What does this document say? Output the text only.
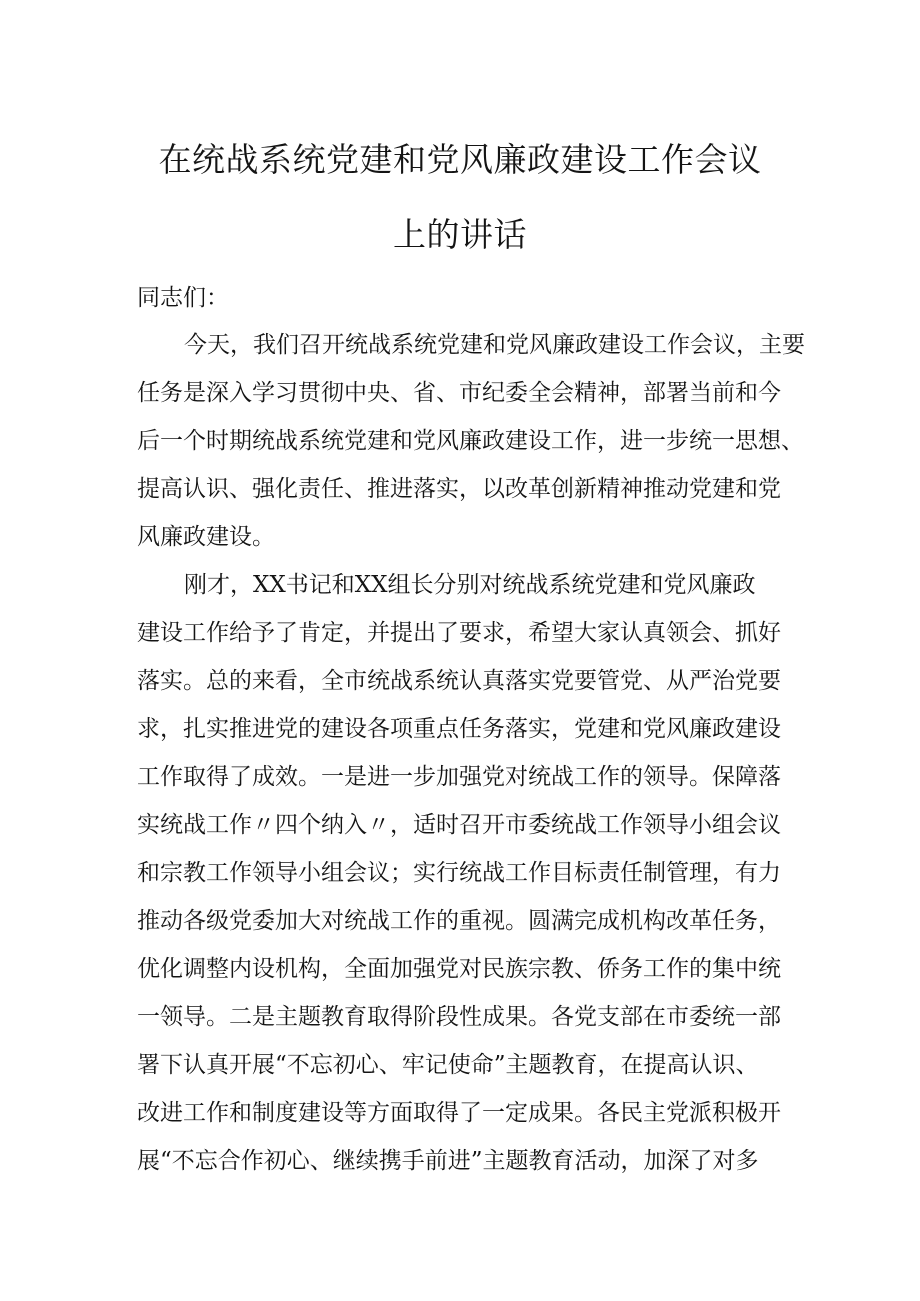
在统战系统党建和党风廉政建设工作会议
上的讲话
同志们：
今天，我们召开统战系统党建和党风廉政建设工作会议，主要
任务是深入学习贯彻中央、省、市纪委全会精神，部署当前和今
后一个时期统战系统党建和党风廉政建设工作，进一步统一思想、
提高认识、强化责任、推进落实，以改革创新精神推动党建和党
风廉政建设。
刚才，XX书记和XX组长分别对统战系统党建和党风廉政
建设工作给予了肯定，并提出了要求，希望大家认真领会、抓好
落实。总的来看，全市统战系统认真落实党要管党、从严治党要
求，扎实推进党的建设各项重点任务落实，党建和党风廉政建设
工作取得了成效。一是进一步加强党对统战工作的领导。保障落
实统战工作〃四个纳入〃，适时召开市委统战工作领导小组会议
和宗教工作领导小组会议；实行统战工作目标责任制管理，有力
推动各级党委加大对统战工作的重视。圆满完成机构改革任务，
优化调整内设机构，全面加强党对民族宗教、侨务工作的集中统
一领导。二是主题教育取得阶段性成果。各党支部在市委统一部
署下认真开展“不忘初心、牢记使命”主题教育，在提高认识、
改进工作和制度建设等方面取得了一定成果。各民主党派积极开
展“不忘合作初心、继续携手前进”主题教育活动，加深了对多
